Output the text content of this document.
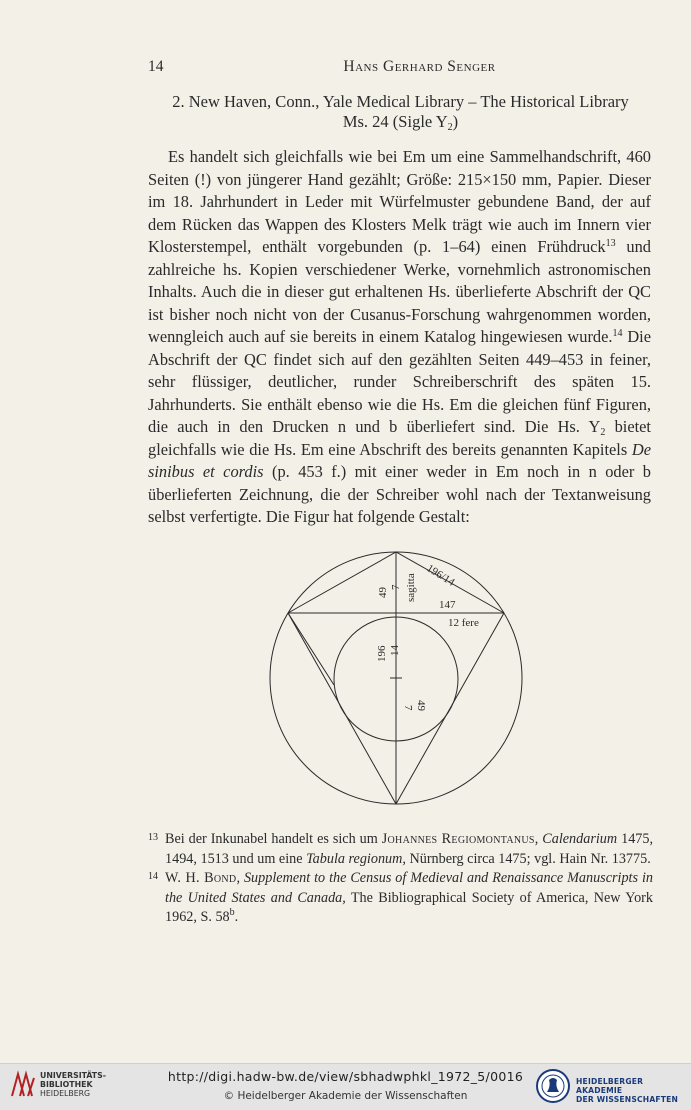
14	Hans Gerhard Senger
2. New Haven, Conn., Yale Medical Library – The Historical Library
Ms. 24 (Sigle $Y_2$)

Es handelt sich gleichfalls wie bei Em um eine Sammelhandschrift, 460 Seiten (!) von jüngerer Hand gezählt; Größe: 215×150 mm, Papier. Dieser im 18. Jahrhundert in Leder mit Würfelmuster gebundene Band, der auf dem Rücken das Wappen des Klosters Melk trägt wie auch im Innern vier Klosterstempel, enthält vorgebunden (p. 1–64) einen Frühdruck$^{13}$ und zahlreiche hs. Kopien verschiedener Werke, vornehmlich astronomischen Inhalts. Auch die in dieser gut erhaltenen Hs. überlieferte Abschrift der QC ist bisher noch nicht von der Cusanus-Forschung wahrgenommen worden, wenngleich auch auf sie bereits in einem Katalog hingewiesen wurde.$^{14}$ Die Abschrift der QC findet sich auf den gezählten Seiten 449–453 in feiner, sehr flüssiger, deutlicher, runder Schreiberschrift des späten 15. Jahrhunderts. Sie enthält ebenso wie die Hs. Em die gleichen fünf Figuren, die auch in den Drucken n und b überliefert sind. Die Hs. $Y_2$ bietet gleichfalls wie die Hs. Em eine Abschrift des bereits genannten Kapitels De sinibus et cordis (p. 453 f.) mit einer weder in Em noch in n oder b überlieferten Zeichnung, die der Schreiber wohl nach der Textanweisung selbst verfertigte. Die Figur hat folgende Gestalt:

196/14
49 7 sagitta
147
12 fere
196 14
7 49
13 Bei der Inkunabel handelt es sich um Johannes Regiomontanus, Calendarium 1475, 1494, 1513 und um eine Tabula regionum, Nürnberg circa 1475; vgl. Hain Nr. 13775.
14 W. H. Bond, Supplement to the Census of Medieval and Renaissance Manuscripts in the United States and Canada, The Bibliographical Society of America, New York 1962, S. 58$^b$.
UNIVERSITÄTS-
BIBLIOTHEK
HEIDELBERG
http://digi.hadw-bw.de/view/sbhadwphkl_1972_5/0016
© Heidelberger Akademie der Wissenschaften
HEIDELBERGER AKADEMIE
DER WISSENSCHAFTEN
